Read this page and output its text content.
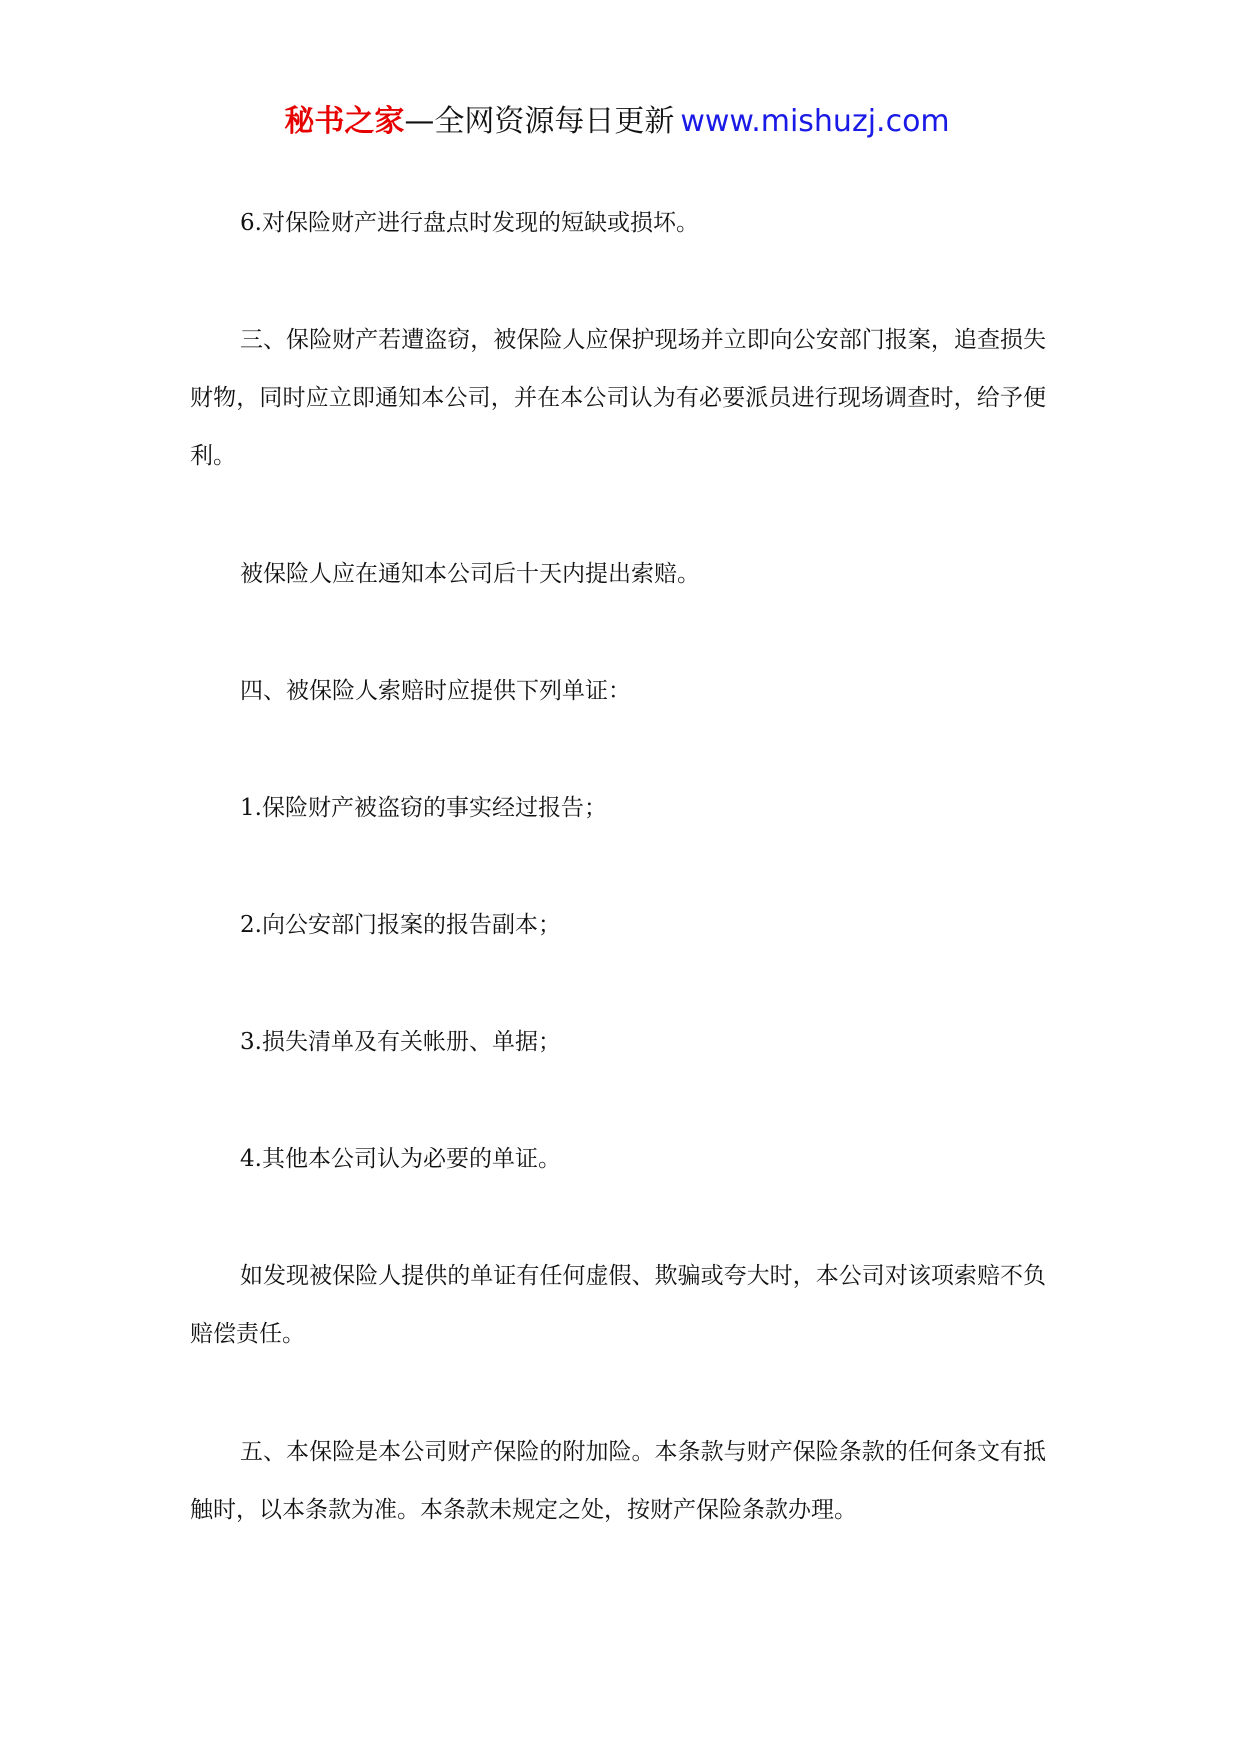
秘书之家—全网资源每日更新 www.mishuzj.com

6.对保险财产进行盘点时发现的短缺或损坏。

三、保险财产若遭盗窃，被保险人应保护现场并立即向公安部门报案，追查损失财物，同时应立即通知本公司，并在本公司认为有必要派员进行现场调查时，给予便利。

被保险人应在通知本公司后十天内提出索赔。

四、被保险人索赔时应提供下列单证：

1.保险财产被盗窃的事实经过报告；

2.向公安部门报案的报告副本；

3.损失清单及有关帐册、单据；

4.其他本公司认为必要的单证。

如发现被保险人提供的单证有任何虚假、欺骗或夸大时，本公司对该项索赔不负赔偿责任。

五、本保险是本公司财产保险的附加险。本条款与财产保险条款的任何条文有抵触时，以本条款为准。本条款未规定之处，按财产保险条款办理。
